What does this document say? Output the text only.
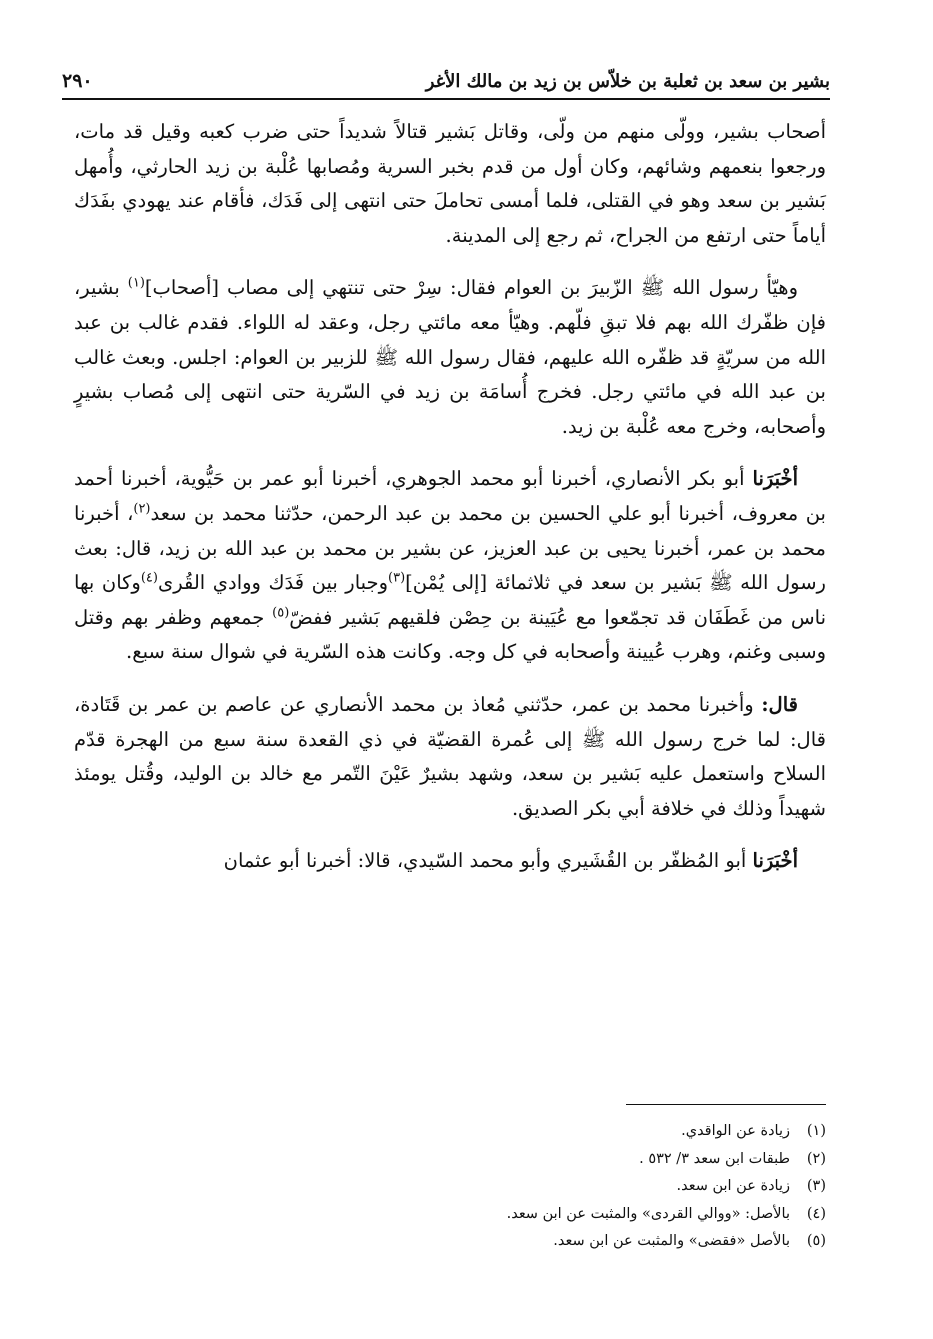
بشير بن سعد بن ثعلبة بن خلاّس بن زيد بن مالك الأغر
٢٩٠

أصحاب بشير، وولّى منهم من ولّى، وقاتل بَشير قتالاً شديداً حتى ضرب كعبه وقيل قد مات، ورجعوا بنعمهم وشائهم، وكان أول من قدم بخبر السرية ومُصابها عُلْبة بن زيد الحارثي، وأُمهل بَشير بن سعد وهو في القتلى، فلما أمسى تحاملَ حتى انتهى إلى فَدَك، فأقام عند يهودي بفَدَك أياماً حتى ارتفع من الجراح، ثم رجع إلى المدينة.

وهيّأ رسول الله ﷺ الزّبيرَ بن العوام فقال: سِرْ حتى تنتهي إلى مصاب [أصحاب]$^{(١)}$ بشير، فإن ظفّرك الله بهم فلا تبقِ فلّهم. وهيّأ معه مائتي رجل، وعقد له اللواء. فقدم غالب بن عبد الله من سريّةٍ قد ظفّره الله عليهم، فقال رسول الله ﷺ للزبير بن العوام: اجلس. وبعث غالب بن عبد الله في مائتي رجل. فخرج أُسامَة بن زيد في السّرية حتى انتهى إلى مُصاب بشيرٍ وأصحابه، وخرج معه عُلْبة بن زيد.

أخْبَرَنا أبو بكر الأنصاري، أخبرنا أبو محمد الجوهري، أخبرنا أبو عمر بن حَيُّوية، أخبرنا أحمد بن معروف، أخبرنا أبو علي الحسين بن محمد بن عبد الرحمن، حدّثنا محمد بن سعد$^{(٢)}$، أخبرنا محمد بن عمر، أخبرنا يحيى بن عبد العزيز، عن بشير بن محمد بن عبد الله بن زيد، قال: بعث رسول الله ﷺ بَشير بن سعد في ثلاثمائة [إلى يُمْن]$^{(٣)}$وجبار بين فَدَك ووادي القُرى$^{(٤)}$وكان بها ناس من غَطَفَان قد تجمّعوا مع عُيَينة بن حِصْن فلقيهم بَشير ففضّ$^{(٥)}$ جمعهم وظفر بهم وقتل وسبى وغنم، وهرب عُيينة وأصحابه في كل وجه. وكانت هذه السّرية في شوال سنة سبع.

قال: وأخبرنا محمد بن عمر، حدّثني مُعاذ بن محمد الأنصاري عن عاصم بن عمر بن قَتَادة، قال: لما خرج رسول الله ﷺ إلى عُمرة القضيّة في ذي القعدة سنة سبع من الهجرة قدّم السلاح واستعمل عليه بَشير بن سعد، وشهد بشيرٌ عَيْنَ التّمر مع خالد بن الوليد، وقُتل يومئذ شهيداً وذلك في خلافة أبي بكر الصديق.

أخْبَرَنا أبو المُظفّر بن القُشَيري وأبو محمد السّيدي، قالا: أخبرنا أبو عثمان

(١)
زيادة عن الواقدي.
(٢)
طبقات ابن سعد ٣/ ٥٣٢ .
(٣)
زيادة عن ابن سعد.
(٤)
بالأصل: «ووالي القردى» والمثبت عن ابن سعد.
(٥)
بالأصل «فقضى» والمثبت عن ابن سعد.
